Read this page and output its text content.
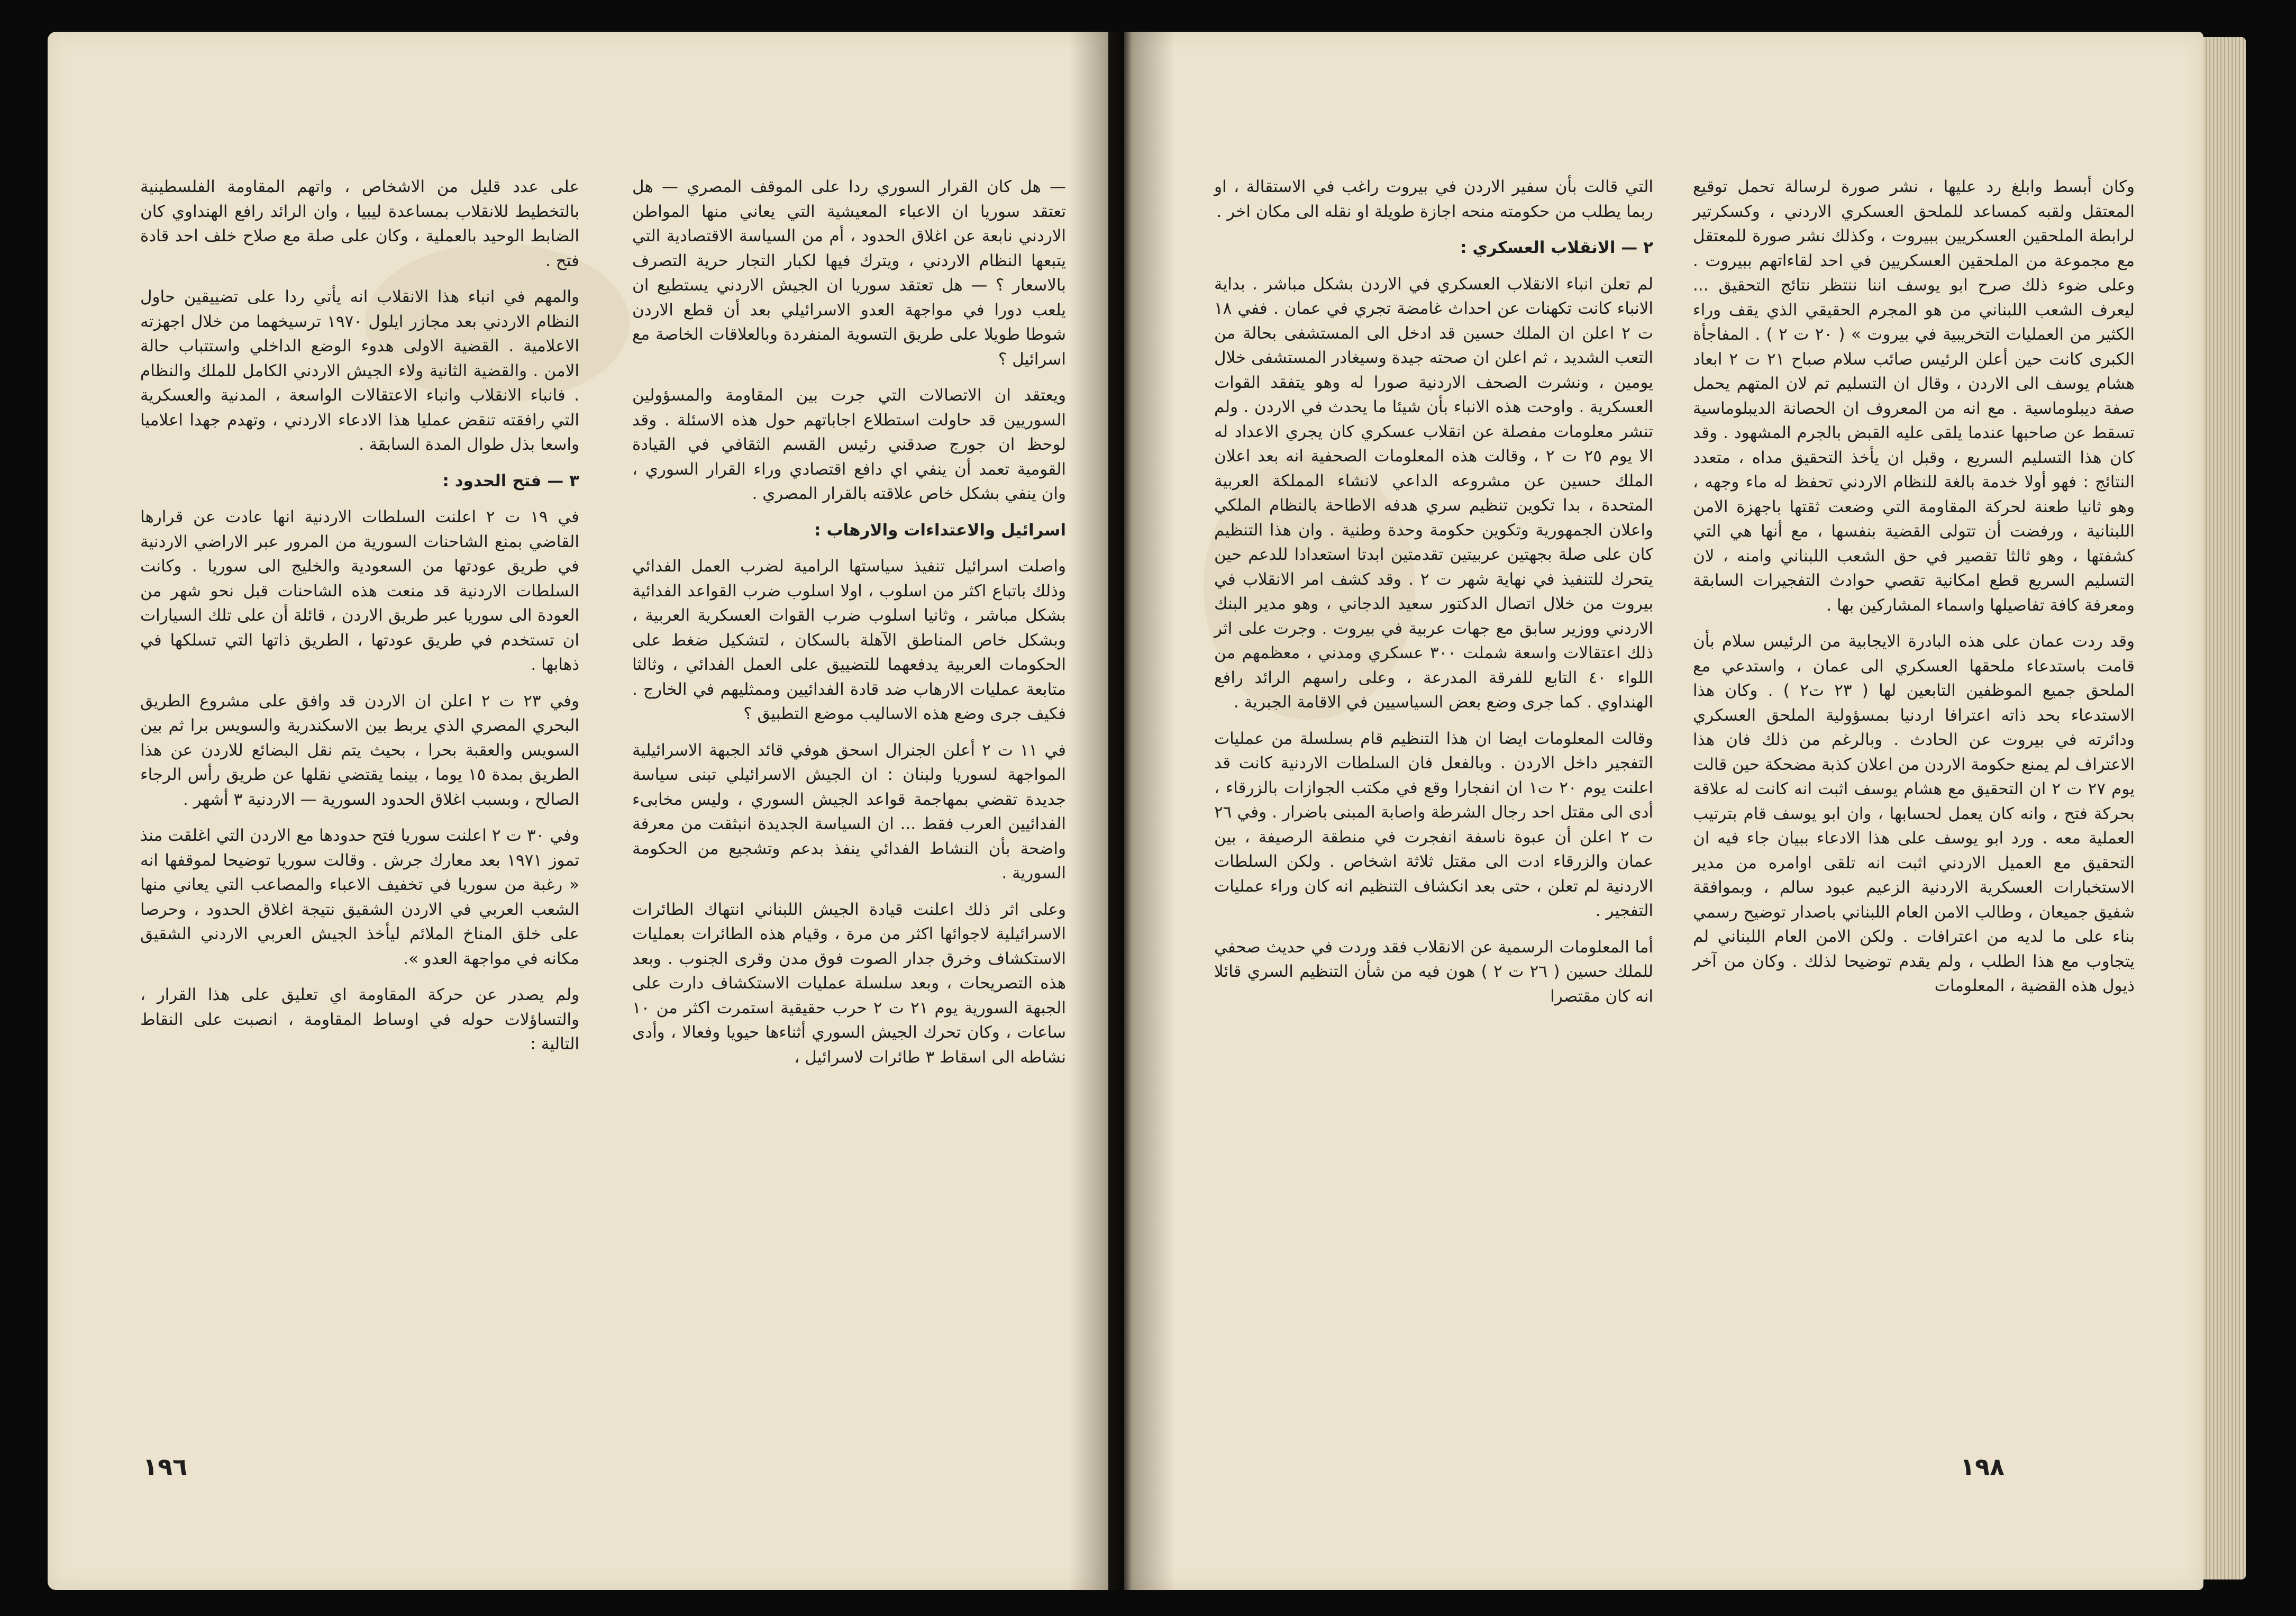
— هل كان القرار السوري ردا على الموقف المصري — هل تعتقد سوريا ان الاعباء المعيشية التي يعاني منها المواطن الاردني نابعة عن اغلاق الحدود ، أم من السياسة الاقتصادية التي يتبعها النظام الاردني ، ويترك فيها لكبار التجار حرية التصرف بالاسعار ؟ — هل تعتقد سوريا ان الجيش الاردني يستطيع ان يلعب دورا في مواجهة العدو الاسرائيلي بعد أن قطع الاردن شوطا طويلا على طريق التسوية المنفردة وبالعلاقات الخاصة مع اسرائيل ؟

ويعتقد ان الاتصالات التي جرت بين المقاومة والمسؤولين السوريين قد حاولت استطلاع اجاباتهم حول هذه الاسئلة . وقد لوحظ ان جورج صدقني رئيس القسم الثقافي في القيادة القومية تعمد أن ينفي اي دافع اقتصادي وراء القرار السوري ، وان ينفي بشكل خاص علاقته بالقرار المصري .

اسرائيل والاعتداءات والارهاب :

واصلت اسرائيل تنفيذ سياستها الرامية لضرب العمل الفدائي وذلك باتباع اكثر من اسلوب ، اولا اسلوب ضرب القواعد الفدائية بشكل مباشر ، وثانيا اسلوب ضرب القوات العسكرية العربية ، وبشكل خاص المناطق الآهلة بالسكان ، لتشكيل ضغط على الحكومات العربية يدفعهما للتضييق على العمل الفدائي ، وثالثا متابعة عمليات الارهاب ضد قادة الفدائيين وممثليهم في الخارج . فكيف جرى وضع هذه الاساليب موضع التطبيق ؟

في ١١ ت ٢ أعلن الجنرال اسحق هوفي قائد الجبهة الاسرائيلية المواجهة لسوريا ولبنان : ان الجيش الاسرائيلي تبنى سياسة جديدة تقضي بمهاجمة قواعد الجيش السوري ، وليس مخابىء الفدائيين العرب فقط ... ان السياسة الجديدة انبثقت من معرفة واضحة بأن النشاط الفدائي ينفذ بدعم وتشجيع من الحكومة السورية .

وعلى اثر ذلك اعلنت قيادة الجيش اللبناني انتهاك الطائرات الاسرائيلية لاجوائها اكثر من مرة ، وقيام هذه الطائرات بعمليات الاستكشاف وخرق جدار الصوت فوق مدن وقرى الجنوب . وبعد هذه التصريحات ، وبعد سلسلة عمليات الاستكشاف دارت على الجبهة السورية يوم ٢١ ت ٢ حرب حقيقية استمرت اكثر من ١٠ ساعات ، وكان تحرك الجيش السوري أثناءها حيويا وفعالا ، وأدى نشاطه الى اسقاط ٣ طائرات لاسرائيل ،

على عدد قليل من الاشخاص ، واتهم المقاومة الفلسطينية بالتخطيط للانقلاب بمساعدة ليبيا ، وان الرائد رافع الهنداوي كان الضابط الوحيد بالعملية ، وكان على صلة مع صلاح خلف احد قادة فتح .

والمهم في انباء هذا الانقلاب انه يأتي ردا على تضييقين حاول النظام الاردني بعد مجازر ايلول ١٩٧٠ ترسيخهما من خلال اجهزته الاعلامية . القضية الاولى هدوء الوضع الداخلي واستتباب حالة الامن . والقضية الثانية ولاء الجيش الاردني الكامل للملك والنظام . فانباء الانقلاب وانباء الاعتقالات الواسعة ، المدنية والعسكرية التي رافقته تنقض عمليا هذا الادعاء الاردني ، وتهدم جهدا اعلاميا واسعا بذل طوال المدة السابقة .

٣ — فتح الحدود :

في ١٩ ت ٢ اعلنت السلطات الاردنية انها عادت عن قرارها القاضي بمنع الشاحنات السورية من المرور عبر الاراضي الاردنية في طريق عودتها من السعودية والخليج الى سوريا . وكانت السلطات الاردنية قد منعت هذه الشاحنات قبل نحو شهر من العودة الى سوريا عبر طريق الاردن ، قائلة أن على تلك السيارات ان تستخدم في طريق عودتها ، الطريق ذاتها التي تسلكها في ذهابها .

وفي ٢٣ ت ٢ اعلن ان الاردن قد وافق على مشروع الطريق البحري المصري الذي يربط بين الاسكندرية والسويس برا ثم بين السويس والعقبة بحرا ، بحيث يتم نقل البضائع للاردن عن هذا الطريق بمدة ١٥ يوما ، بينما يقتضي نقلها عن طريق رأس الرجاء الصالح ، وبسبب اغلاق الحدود السورية — الاردنية ٣ أشهر .

وفي ٣٠ ت ٢ اعلنت سوريا فتح حدودها مع الاردن التي اغلقت منذ تموز ١٩٧١ بعد معارك جرش . وقالت سوريا توضيحا لموقفها انه « رغبة من سوريا في تخفيف الاعباء والمصاعب التي يعاني منها الشعب العربي في الاردن الشقيق نتيجة اغلاق الحدود ، وحرصا على خلق المناخ الملائم ليأخذ الجيش العربي الاردني الشقيق مكانه في مواجهة العدو ».

ولم يصدر عن حركة المقاومة اي تعليق على هذا القرار ، والتساؤلات حوله في اوساط المقاومة ، انصبت على النقاط التالية :

١٩٦

وكان أبسط وابلغ رد عليها ، نشر صورة لرسالة تحمل توقيع المعتقل ولقبه كمساعد للملحق العسكري الاردني ، وكسكرتير لرابطة الملحقين العسكريين ببيروت ، وكذلك نشر صورة للمعتقل مع مجموعة من الملحقين العسكريين في احد لقاءاتهم ببيروت . وعلى ضوء ذلك صرح ابو يوسف اننا ننتظر نتائج التحقيق ... ليعرف الشعب اللبناني من هو المجرم الحقيقي الذي يقف وراء الكثير من العمليات التخريبية في بيروت » ( ٢٠ ت ٢ ) . المفاجأة الكبرى كانت حين أعلن الرئيس صائب سلام صباح ٢١ ت ٢ ابعاد هشام يوسف الى الاردن ، وقال ان التسليم تم لان المتهم يحمل صفة ديبلوماسية . مع انه من المعروف ان الحصانة الديبلوماسية تسقط عن صاحبها عندما يلقى عليه القبض بالجرم المشهود . وقد كان هذا التسليم السريع ، وقبل ان يأخذ التحقيق مداه ، متعدد النتائج : فهو أولا خدمة بالغة للنظام الاردني تحفظ له ماء وجهه ، وهو ثانيا طعنة لحركة المقاومة التي وضعت ثقتها باجهزة الامن اللبنانية ، ورفضت أن تتولى القضية بنفسها ، مع أنها هي التي كشفتها ، وهو ثالثا تقصير في حق الشعب اللبناني وامنه ، لان التسليم السريع قطع امكانية تقصي حوادث التفجيرات السابقة ومعرفة كافة تفاصيلها واسماء المشاركين بها .

وقد ردت عمان على هذه البادرة الايجابية من الرئيس سلام بأن قامت باستدعاء ملحقها العسكري الى عمان ، واستدعي مع الملحق جميع الموظفين التابعين لها ( ٢٣ ت٢ ) . وكان هذا الاستدعاء بحد ذاته اعترافا اردنيا بمسؤولية الملحق العسكري ودائرته في بيروت عن الحادث . وبالرغم من ذلك فان هذا الاعتراف لم يمنع حكومة الاردن من اعلان كذبة مضحكة حين قالت يوم ٢٧ ت ٢ ان التحقيق مع هشام يوسف اثبت انه كانت له علاقة بحركة فتح ، وانه كان يعمل لحسابها ، وان ابو يوسف قام بترتيب العملية معه . ورد ابو يوسف على هذا الادعاء ببيان جاء فيه ان التحقيق مع العميل الاردني اثبت انه تلقى اوامره من مدير الاستخبارات العسكرية الاردنية الزعيم عبود سالم ، وبموافقة شفيق جميعان ، وطالب الامن العام اللبناني باصدار توضيح رسمي بناء على ما لديه من اعترافات . ولكن الامن العام اللبناني لم يتجاوب مع هذا الطلب ، ولم يقدم توضيحا لذلك . وكان من آخر ذيول هذه القضية ، المعلومات

التي قالت بأن سفير الاردن في بيروت راغب في الاستقالة ، او ربما يطلب من حكومته منحه اجازة طويلة او نقله الى مكان اخر .

٢ — الانقلاب العسكري :

لم تعلن انباء الانقلاب العسكري في الاردن بشكل مباشر . بداية الانباء كانت تكهنات عن احداث غامضة تجري في عمان . ففي ١٨ ت ٢ اعلن ان الملك حسين قد ادخل الى المستشفى بحالة من التعب الشديد ، ثم اعلن ان صحته جيدة وسيغادر المستشفى خلال يومين ، ونشرت الصحف الاردنية صورا له وهو يتفقد القوات العسكرية . واوحت هذه الانباء بأن شيئا ما يحدث في الاردن . ولم تنشر معلومات مفصلة عن انقلاب عسكري كان يجري الاعداد له الا يوم ٢٥ ت ٢ ، وقالت هذه المعلومات الصحفية انه بعد اعلان الملك حسين عن مشروعه الداعي لانشاء المملكة العربية المتحدة ، بدا تكوين تنظيم سري هدفه الاطاحة بالنظام الملكي واعلان الجمهورية وتكوين حكومة وحدة وطنية . وان هذا التنظيم كان على صلة بجهتين عربيتين تقدمتين ابدتا استعدادا للدعم حين يتحرك للتنفيذ في نهاية شهر ت ٢ . وقد كشف امر الانقلاب في بيروت من خلال اتصال الدكتور سعيد الدجاني ، وهو مدير البنك الاردني ووزير سابق مع جهات عربية في بيروت . وجرت على اثر ذلك اعتقالات واسعة شملت ٣٠٠ عسكري ومدني ، معظمهم من اللواء ٤٠ التابع للفرقة المدرعة ، وعلى راسهم الرائد رافع الهنداوي . كما جرى وضع بعض السياسيين في الاقامة الجبرية .

وقالت المعلومات ايضا ان هذا التنظيم قام بسلسلة من عمليات التفجير داخل الاردن . وبالفعل فان السلطات الاردنية كانت قد اعلنت يوم ٢٠ ت١ ان انفجارا وقع في مكتب الجوازات بالزرقاء ، أدى الى مقتل احد رجال الشرطة واصابة المبنى باضرار . وفي ٢٦ ت ٢ اعلن أن عبوة ناسفة انفجرت في منطقة الرصيفة ، بين عمان والزرقاء ادت الى مقتل ثلاثة اشخاص . ولكن السلطات الاردنية لم تعلن ، حتى بعد انكشاف التنظيم انه كان وراء عمليات التفجير .

أما المعلومات الرسمية عن الانقلاب فقد وردت في حديث صحفي للملك حسين ( ٢٦ ت ٢ ) هون فيه من شأن التنظيم السري قائلا انه كان مقتصرا

١٩٨
